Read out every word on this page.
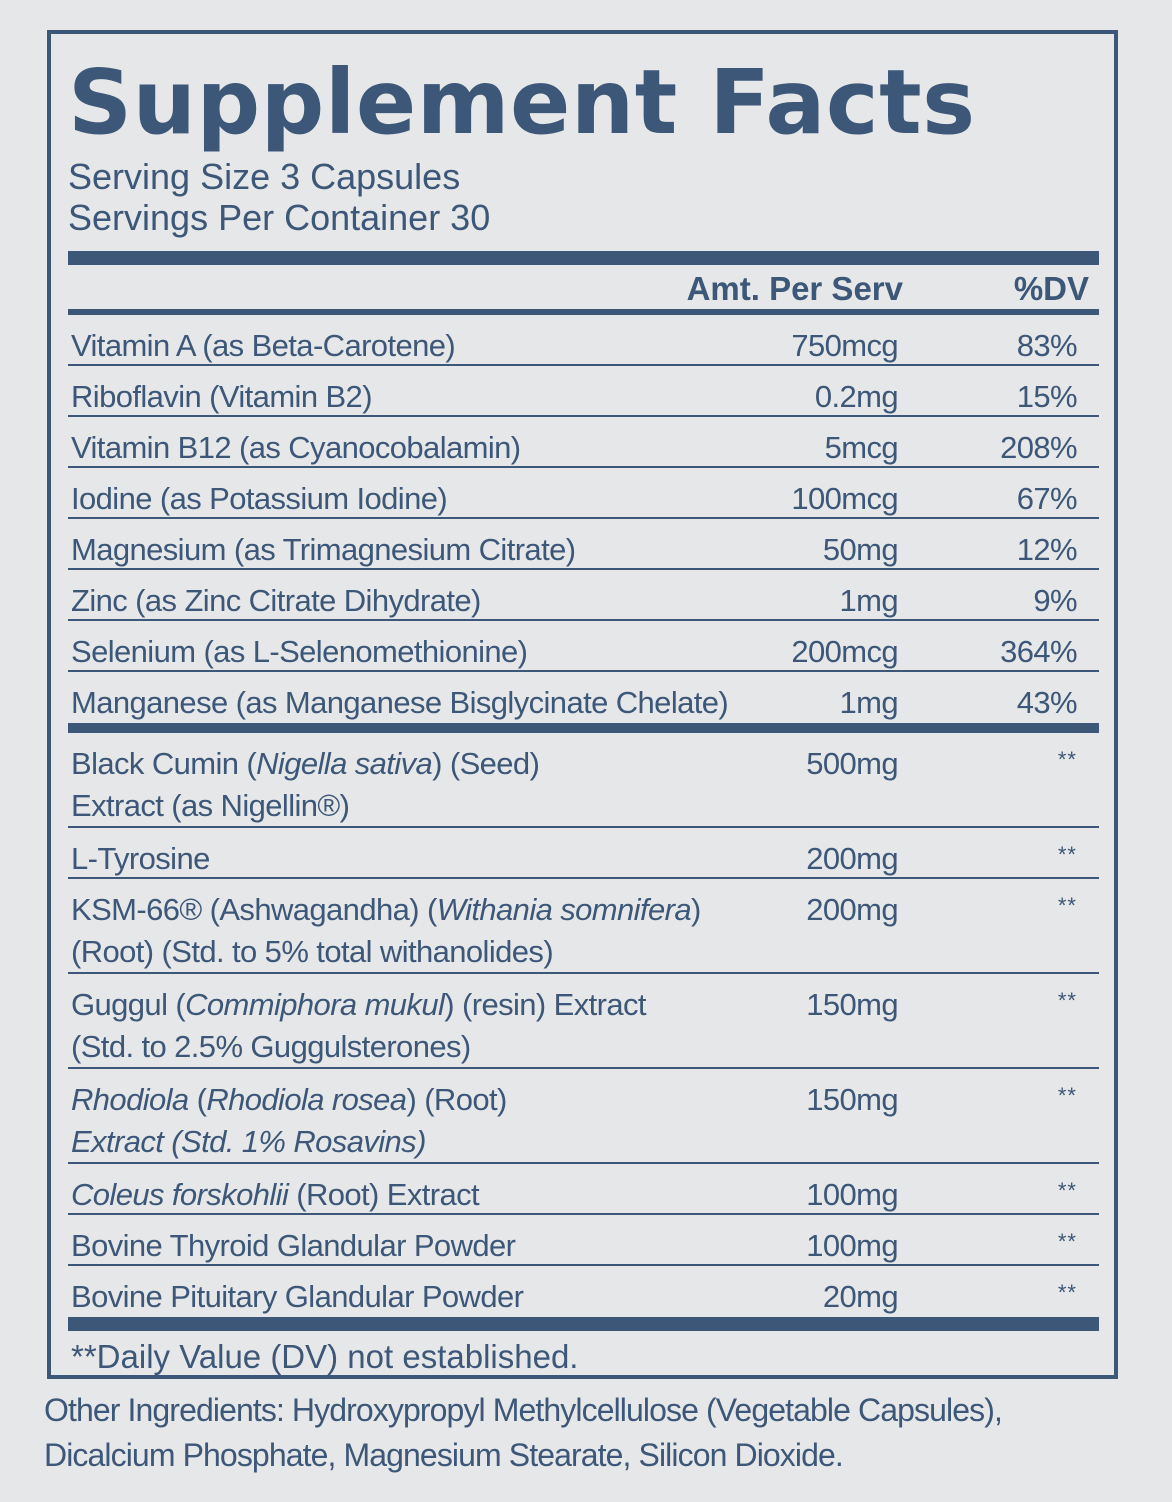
Supplement Facts
Serving Size 3 Capsules
Servings Per Container 30
Amt. Per Serv	%DV
Vitamin A (as Beta-Carotene)	750mcg	83%
Riboflavin (Vitamin B2)	0.2mg	15%
Vitamin B12 (as Cyanocobalamin)	5mcg	208%
Iodine (as Potassium Iodine)	100mcg	67%
Magnesium (as Trimagnesium Citrate)	50mg	12%
Zinc (as Zinc Citrate Dihydrate)	1mg	9%
Selenium (as L-Selenomethionine)	200mcg	364%
Manganese (as Manganese Bisglycinate Chelate)	1mg	43%
Black Cumin (Nigella sativa) (Seed)
Extract (as Nigellin®)
500mg	**
L-Tyrosine	200mg	**
KSM-66® (Ashwagandha) (Withania somnifera)
(Root) (Std. to 5% total withanolides)
200mg	**
Guggul (Commiphora mukul) (resin) Extract
(Std. to 2.5% Guggulsterones)
150mg	**
Rhodiola (Rhodiola rosea) (Root)
Extract (Std. 1% Rosavins)
150mg	**
Coleus forskohlii (Root) Extract	100mg	**
Bovine Thyroid Glandular Powder	100mg	**
Bovine Pituitary Glandular Powder	20mg	**
**Daily Value (DV) not established.
Other Ingredients: Hydroxypropyl Methylcellulose (Vegetable Capsules),
Dicalcium Phosphate, Magnesium Stearate, Silicon Dioxide.
